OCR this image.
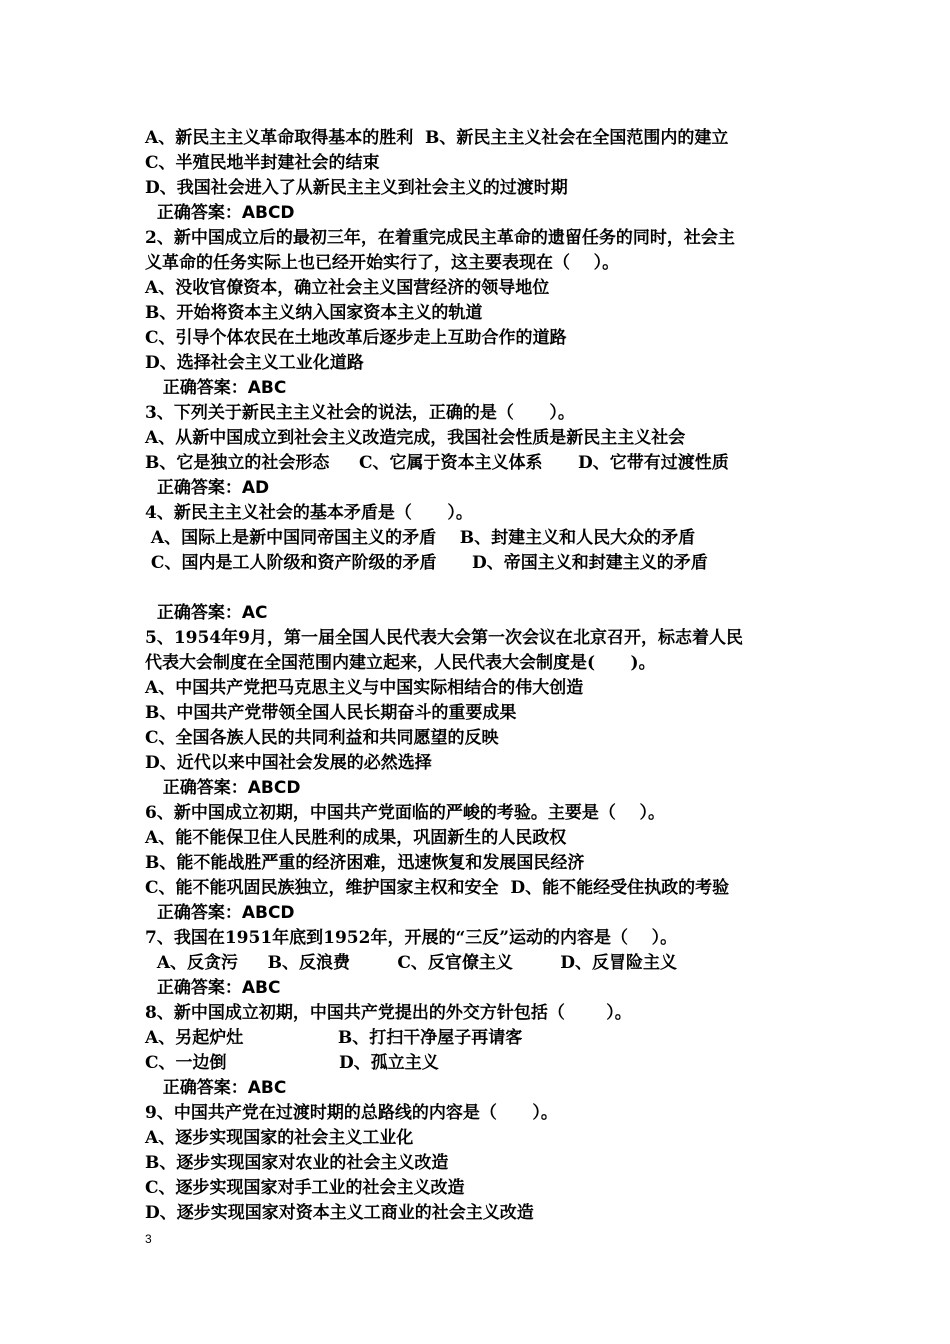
A、新民主主义革命取得基本的胜利  B、新民主主义社会在全国范围内的建立
C、半殖民地半封建社会的结束
D、我国社会进入了从新民主主义到社会主义的过渡时期
正确答案：ABCD
2、新中国成立后的最初三年，在着重完成民主革命的遗留任务的同时，社会主
义革命的任务实际上也已经开始实行了，这主要表现在（    ）。
A、没收官僚资本，确立社会主义国营经济的领导地位
B、开始将资本主义纳入国家资本主义的轨道
C、引导个体农民在土地改革后逐步走上互助合作的道路
D、选择社会主义工业化道路
正确答案：ABC
3、下列关于新民主主义社会的说法，正确的是（      ）。
A、从新中国成立到社会主义改造完成，我国社会性质是新民主主义社会
B、它是独立的社会形态     C、它属于资本主义体系      D、它带有过渡性质
正确答案：AD
4、新民主主义社会的基本矛盾是（      ）。
A、国际上是新中国同帝国主义的矛盾    B、封建主义和人民大众的矛盾
C、国内是工人阶级和资产阶级的矛盾      D、帝国主义和封建主义的矛盾
正确答案：AC
5、1954年9月，第一届全国人民代表大会第一次会议在北京召开，标志着人民
代表大会制度在全国范围内建立起来，人民代表大会制度是(      )。
A、中国共产党把马克思主义与中国实际相结合的伟大创造
B、中国共产党带领全国人民长期奋斗的重要成果
C、全国各族人民的共同利益和共同愿望的反映
D、近代以来中国社会发展的必然选择
正确答案：ABCD
6、新中国成立初期，中国共产党面临的严峻的考验。主要是（    ）。
A、能不能保卫住人民胜利的成果，巩固新生的人民政权
B、能不能战胜严重的经济困难，迅速恢复和发展国民经济
C、能不能巩固民族独立，维护国家主权和安全  D、能不能经受住执政的考验
正确答案：ABCD
7、我国在1951年底到1952年，开展的“三反”运动的内容是（    ）。
A、反贪污     B、反浪费        C、反官僚主义        D、反冒险主义
正确答案：ABC
8、新中国成立初期，中国共产党提出的外交方针包括（       ）。
A、另起炉灶                B、打扫干净屋子再请客
C、一边倒                   D、孤立主义
正确答案：ABC
9、中国共产党在过渡时期的总路线的内容是（      ）。
A、逐步实现国家的社会主义工业化
B、逐步实现国家对农业的社会主义改造
C、逐步实现国家对手工业的社会主义改造
D、逐步实现国家对资本主义工商业的社会主义改造
3
